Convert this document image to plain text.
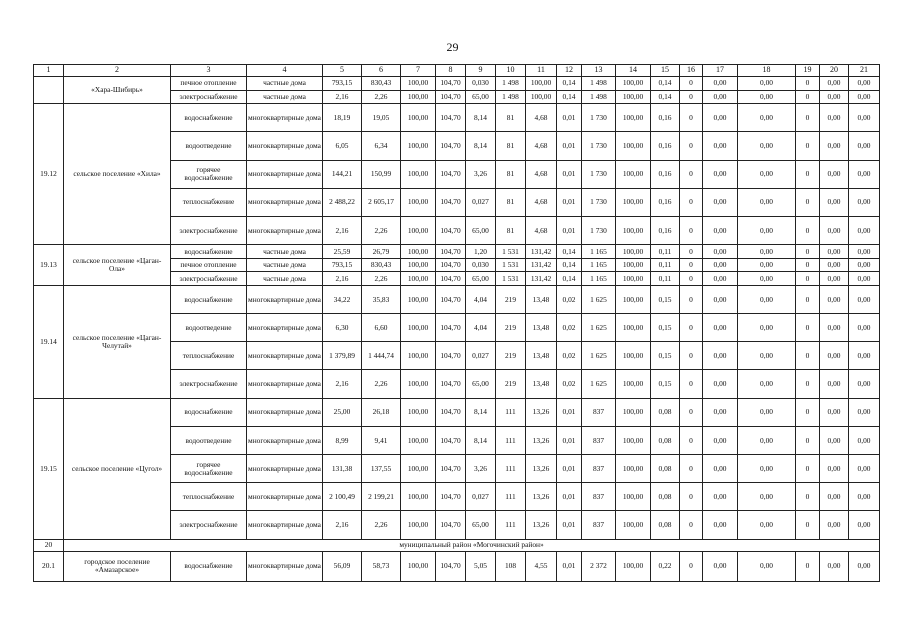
29
1	2	3	4	5	6	7	8	9	10	11	12	13	14	15	16	17	18	19	20	21
	«Хара-Шибирь»	печное отопление	частные дома	793,15	830,43	100,00	104,70	0,030	1 498	100,00	0,14	1 498	100,00	0,14	0	0,00	0,00	0	0,00	0,00
		электроснабжение	частные дома	2,16	2,26	100,00	104,70	65,00	1 498	100,00	0,14	1 498	100,00	0,14	0	0,00	0,00	0	0,00	0,00
19.12	сельское поселение «Хила»	водоснабжение	многоквартирные дома	18,19	19,05	100,00	104,70	8,14	81	4,68	0,01	1 730	100,00	0,16	0	0,00	0,00	0	0,00	0,00
		водоотведение	многоквартирные дома	6,05	6,34	100,00	104,70	8,14	81	4,68	0,01	1 730	100,00	0,16	0	0,00	0,00	0	0,00	0,00
		горячее водоснабжение	многоквартирные дома	144,21	150,99	100,00	104,70	3,26	81	4,68	0,01	1 730	100,00	0,16	0	0,00	0,00	0	0,00	0,00
		теплоснабжение	многоквартирные дома	2 488,22	2 605,17	100,00	104,70	0,027	81	4,68	0,01	1 730	100,00	0,16	0	0,00	0,00	0	0,00	0,00
		электроснабжение	многоквартирные дома	2,16	2,26	100,00	104,70	65,00	81	4,68	0,01	1 730	100,00	0,16	0	0,00	0,00	0	0,00	0,00
19.13	сельское поселение «Цаган-Ола»	водоснабжение	частные дома	25,59	26,79	100,00	104,70	1,20	1 531	131,42	0,14	1 165	100,00	0,11	0	0,00	0,00	0	0,00	0,00
		печное отопление	частные дома	793,15	830,43	100,00	104,70	0,030	1 531	131,42	0,14	1 165	100,00	0,11	0	0,00	0,00	0	0,00	0,00
		электроснабжение	частные дома	2,16	2,26	100,00	104,70	65,00	1 531	131,42	0,14	1 165	100,00	0,11	0	0,00	0,00	0	0,00	0,00
19.14	сельское поселение «Цаган-Челутай»	водоснабжение	многоквартирные дома	34,22	35,83	100,00	104,70	4,04	219	13,48	0,02	1 625	100,00	0,15	0	0,00	0,00	0	0,00	0,00
		водоотведение	многоквартирные дома	6,30	6,60	100,00	104,70	4,04	219	13,48	0,02	1 625	100,00	0,15	0	0,00	0,00	0	0,00	0,00
		теплоснабжение	многоквартирные дома	1 379,89	1 444,74	100,00	104,70	0,027	219	13,48	0,02	1 625	100,00	0,15	0	0,00	0,00	0	0,00	0,00
		электроснабжение	многоквартирные дома	2,16	2,26	100,00	104,70	65,00	219	13,48	0,02	1 625	100,00	0,15	0	0,00	0,00	0	0,00	0,00
19.15	сельское поселение «Цугол»	водоснабжение	многоквартирные дома	25,00	26,18	100,00	104,70	8,14	111	13,26	0,01	837	100,00	0,08	0	0,00	0,00	0	0,00	0,00
		водоотведение	многоквартирные дома	8,99	9,41	100,00	104,70	8,14	111	13,26	0,01	837	100,00	0,08	0	0,00	0,00	0	0,00	0,00
		горячее водоснабжение	многоквартирные дома	131,38	137,55	100,00	104,70	3,26	111	13,26	0,01	837	100,00	0,08	0	0,00	0,00	0	0,00	0,00
		теплоснабжение	многоквартирные дома	2 100,49	2 199,21	100,00	104,70	0,027	111	13,26	0,01	837	100,00	0,08	0	0,00	0,00	0	0,00	0,00
		электроснабжение	многоквартирные дома	2,16	2,26	100,00	104,70	65,00	111	13,26	0,01	837	100,00	0,08	0	0,00	0,00	0	0,00	0,00
20	муниципальный район «Могочинский район»																			
20.1	городское поселение «Амазарское»	водоснабжение	многоквартирные дома	56,09	58,73	100,00	104,70	5,05	108	4,55	0,01	2 372	100,00	0,22	0	0,00	0,00	0	0,00	0,00
